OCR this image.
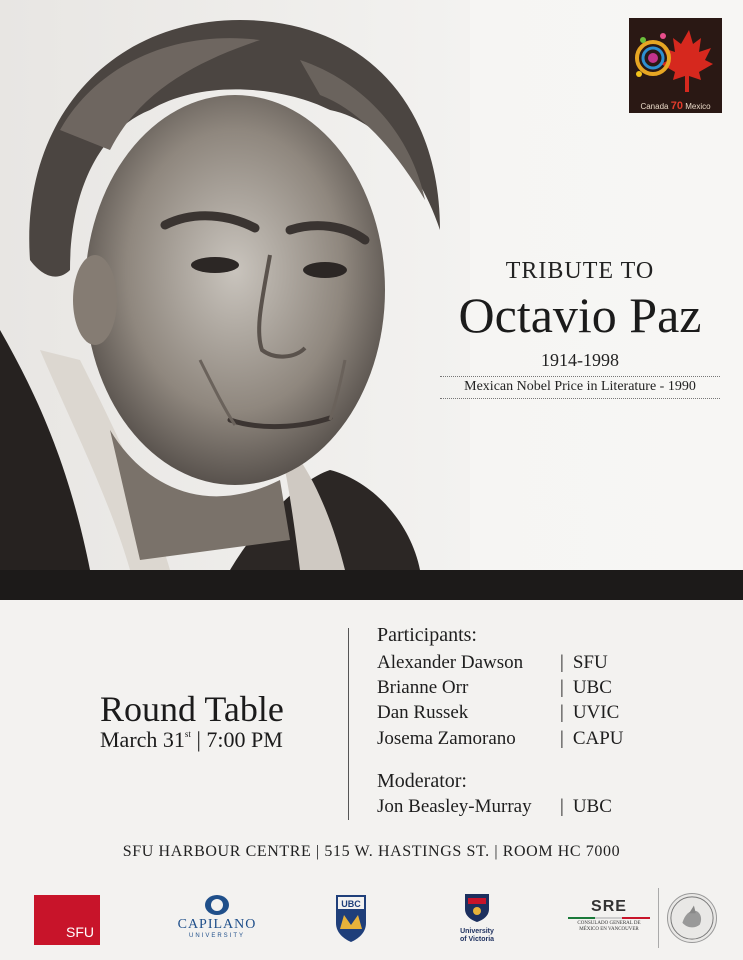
Canada 70 Mexico
TRIBUTE TO
Octavio Paz
1914-1998
Mexican Nobel Price in Literature - 1990
Round Table
March 31st | 7:00 PM
Participants:
Alexander Dawson	| SFU
Brianne Orr	| UBC
Dan Russek	| UVIC
Josema Zamorano	| CAPU
Moderator:
Jon Beasley-Murray	| UBC
SFU HARBOUR CENTRE | 515 W. HASTINGS ST. | ROOM HC 7000
SFU	CAPILANO
UNIVERSITY
UBC
University
of Victoria
SRE
CONSULADO GENERAL DE
MÉXICO EN VANCOUVER
